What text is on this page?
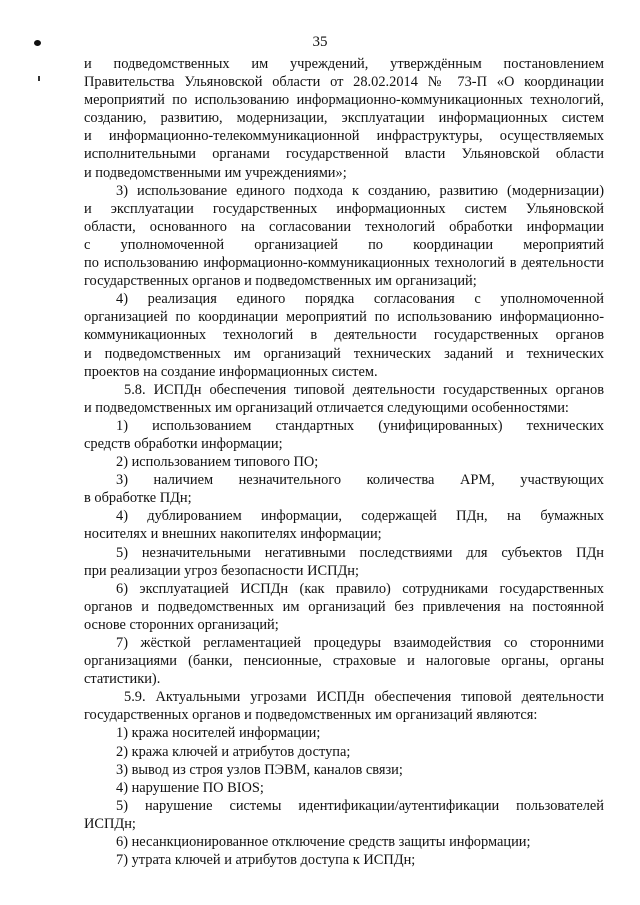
35
и подведомственных им учреждений, утверждённым постановлением
Правительства Ульяновской области от 28.02.2014 № 73-П «О координации
мероприятий по использованию информационно-коммуникационных технологий,
созданию, развитию, модернизации, эксплуатации информационных систем
и информационно-телекоммуникационной инфраструктуры, осуществляемых
исполнительными органами государственной власти Ульяновской области
и подведомственными им учреждениями»;
3) использование единого подхода к созданию, развитию (модернизации)
и эксплуатации государственных информационных систем Ульяновской
области, основанного на согласовании технологий обработки информации
с уполномоченной организацией по координации мероприятий
по использованию информационно-коммуникационных технологий в деятельности
государственных органов и подведомственных им организаций;
4) реализация единого порядка согласования с уполномоченной
организацией по координации мероприятий по использованию информационно-
коммуникационных технологий в деятельности государственных органов
и подведомственных им организаций технических заданий и технических
проектов на создание информационных систем.
5.8. ИСПДн обеспечения типовой деятельности государственных органов
и подведомственных им организаций отличается следующими особенностями:
1) использованием стандартных (унифицированных) технических
средств обработки информации;
2) использованием типового ПО;
3) наличием незначительного количества АРМ, участвующих
в обработке ПДн;
4) дублированием информации, содержащей ПДн, на бумажных
носителях и внешних накопителях информации;
5) незначительными негативными последствиями для субъектов ПДн
при реализации угроз безопасности ИСПДн;
6) эксплуатацией ИСПДн (как правило) сотрудниками государственных
органов и подведомственных им организаций без привлечения на постоянной
основе сторонних организаций;
7) жёсткой регламентацией процедуры взаимодействия со сторонними
организациями (банки, пенсионные, страховые и налоговые органы, органы
статистики).
5.9. Актуальными угрозами ИСПДн обеспечения типовой деятельности
государственных органов и подведомственных им организаций являются:
1) кража носителей информации;
2) кража ключей и атрибутов доступа;
3) вывод из строя узлов ПЭВМ, каналов связи;
4) нарушение ПО BIOS;
5) нарушение системы идентификации/аутентификации пользователей
ИСПДн;
6) несанкционированное отключение средств защиты информации;
7) утрата ключей и атрибутов доступа к ИСПДн;
